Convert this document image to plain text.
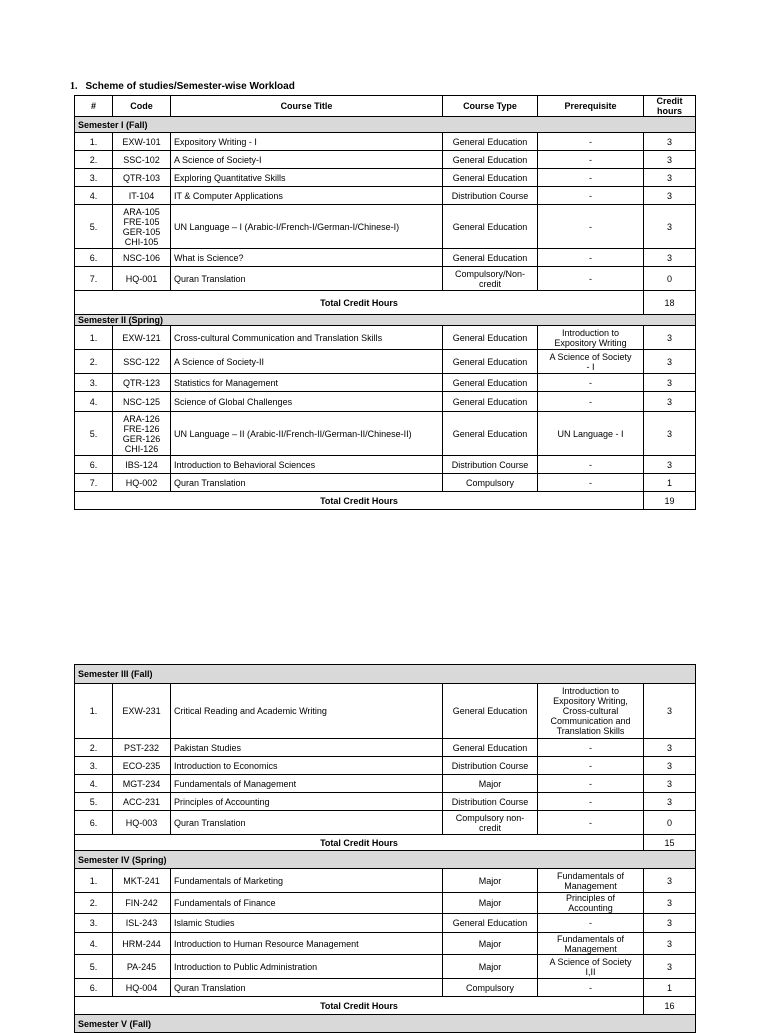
1. Scheme of studies/Semester-wise Workload
#	Code	Course Title	Course Type	Prerequisite	Credit hours
Semester I (Fall)					
1.	EXW-101	Expository Writing - I	General Education	-	3
2.	SSC-102	A Science of Society-I	General Education	-	3
3.	QTR-103	Exploring Quantitative Skills	General Education	-	3
4.	IT-104	IT & Computer Applications	Distribution Course	-	3
5.	ARA-105
FRE-105
GER-105
CHI-105	UN Language – I (Arabic-I/French-I/German-I/Chinese-I)	General Education	-	3
6.	NSC-106	What is Science?	General Education	-	3
7.	HQ-001	Quran Translation	Compulsory/Non-
credit	-	0
Total Credit Hours					18
Semester II (Spring)					
1.	EXW-121	Cross-cultural Communication and Translation Skills	General Education	Introduction to
Expository Writing	3
2.	SSC-122	A Science of Society-II	General Education	A Science of Society
- I	3
3.	QTR-123	Statistics for Management	General Education	-	3
4.	NSC-125	Science of Global Challenges	General Education	-	3
5.	ARA-126
FRE-126
GER-126
CHI-126	UN Language – II (Arabic-II/French-II/German-II/Chinese-II)	General Education	UN Language - I	3
6.	IBS-124	Introduction to Behavioral Sciences	Distribution Course	-	3
7.	HQ-002	Quran Translation	Compulsory	-	1
Total Credit Hours					19
Semester III (Fall)					
1.	EXW-231	Critical Reading and Academic Writing	General Education	Introduction to
Expository Writing,
Cross-cultural
Communication and
Translation Skills	3
2.	PST-232	Pakistan Studies	General Education	-	3
3.	ECO-235	Introduction to Economics	Distribution Course	-	3
4.	MGT-234	Fundamentals of Management	Major	-	3
5.	ACC-231	Principles of Accounting	Distribution Course	-	3
6.	HQ-003	Quran Translation	Compulsory non-
credit	-	0
Total Credit Hours					15
Semester IV (Spring)					
1.	MKT-241	Fundamentals of Marketing	Major	Fundamentals of
Management	3
2.	FIN-242	Fundamentals of Finance	Major	Principles of
Accounting	3
3.	ISL-243	Islamic Studies	General Education	-	3
4.	HRM-244	Introduction to Human Resource Management	Major	Fundamentals of
Management	3
5.	PA-245	Introduction to Public Administration	Major	A Science of Society
I,II	3
6.	HQ-004	Quran Translation	Compulsory	-	1
Total Credit Hours					16
Semester V (Fall)					
